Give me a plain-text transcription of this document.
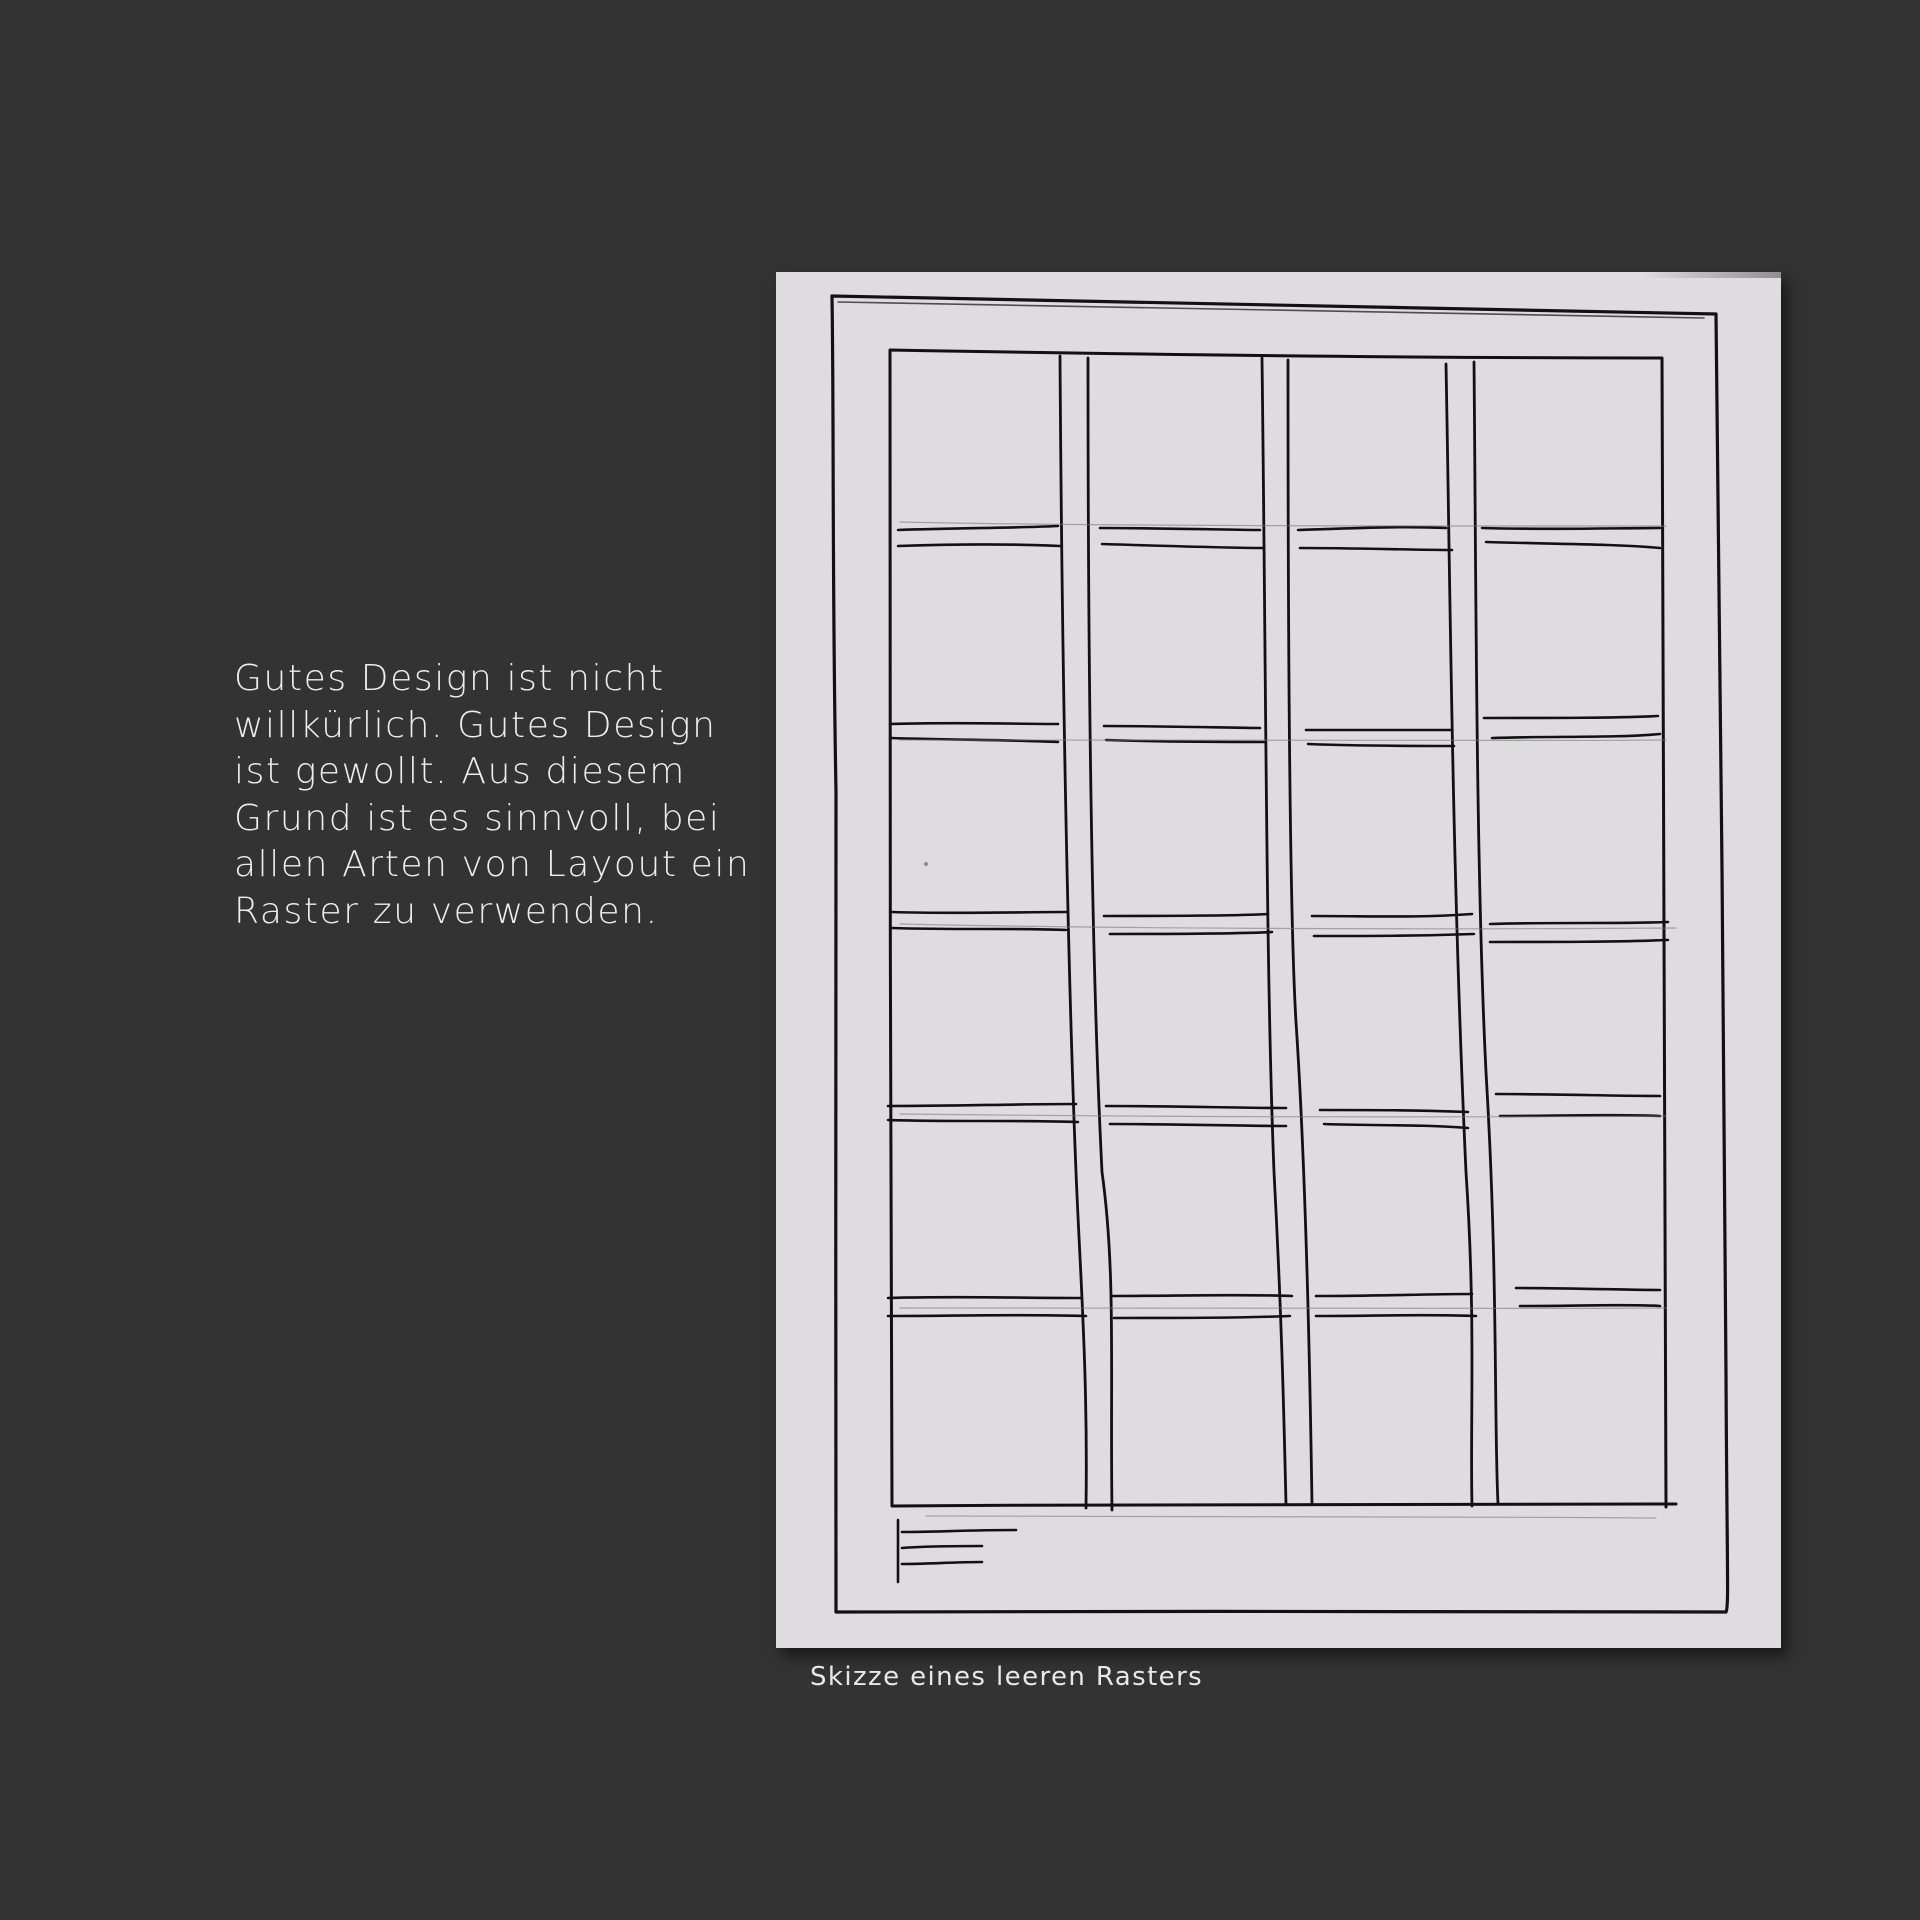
Gutes Design ist nicht
willkürlich. Gutes Design
ist gewollt. Aus diesem
Grund ist es sinnvoll, bei
allen Arten von Layout ein
Raster zu verwenden.
Skizze eines leeren Rasters
